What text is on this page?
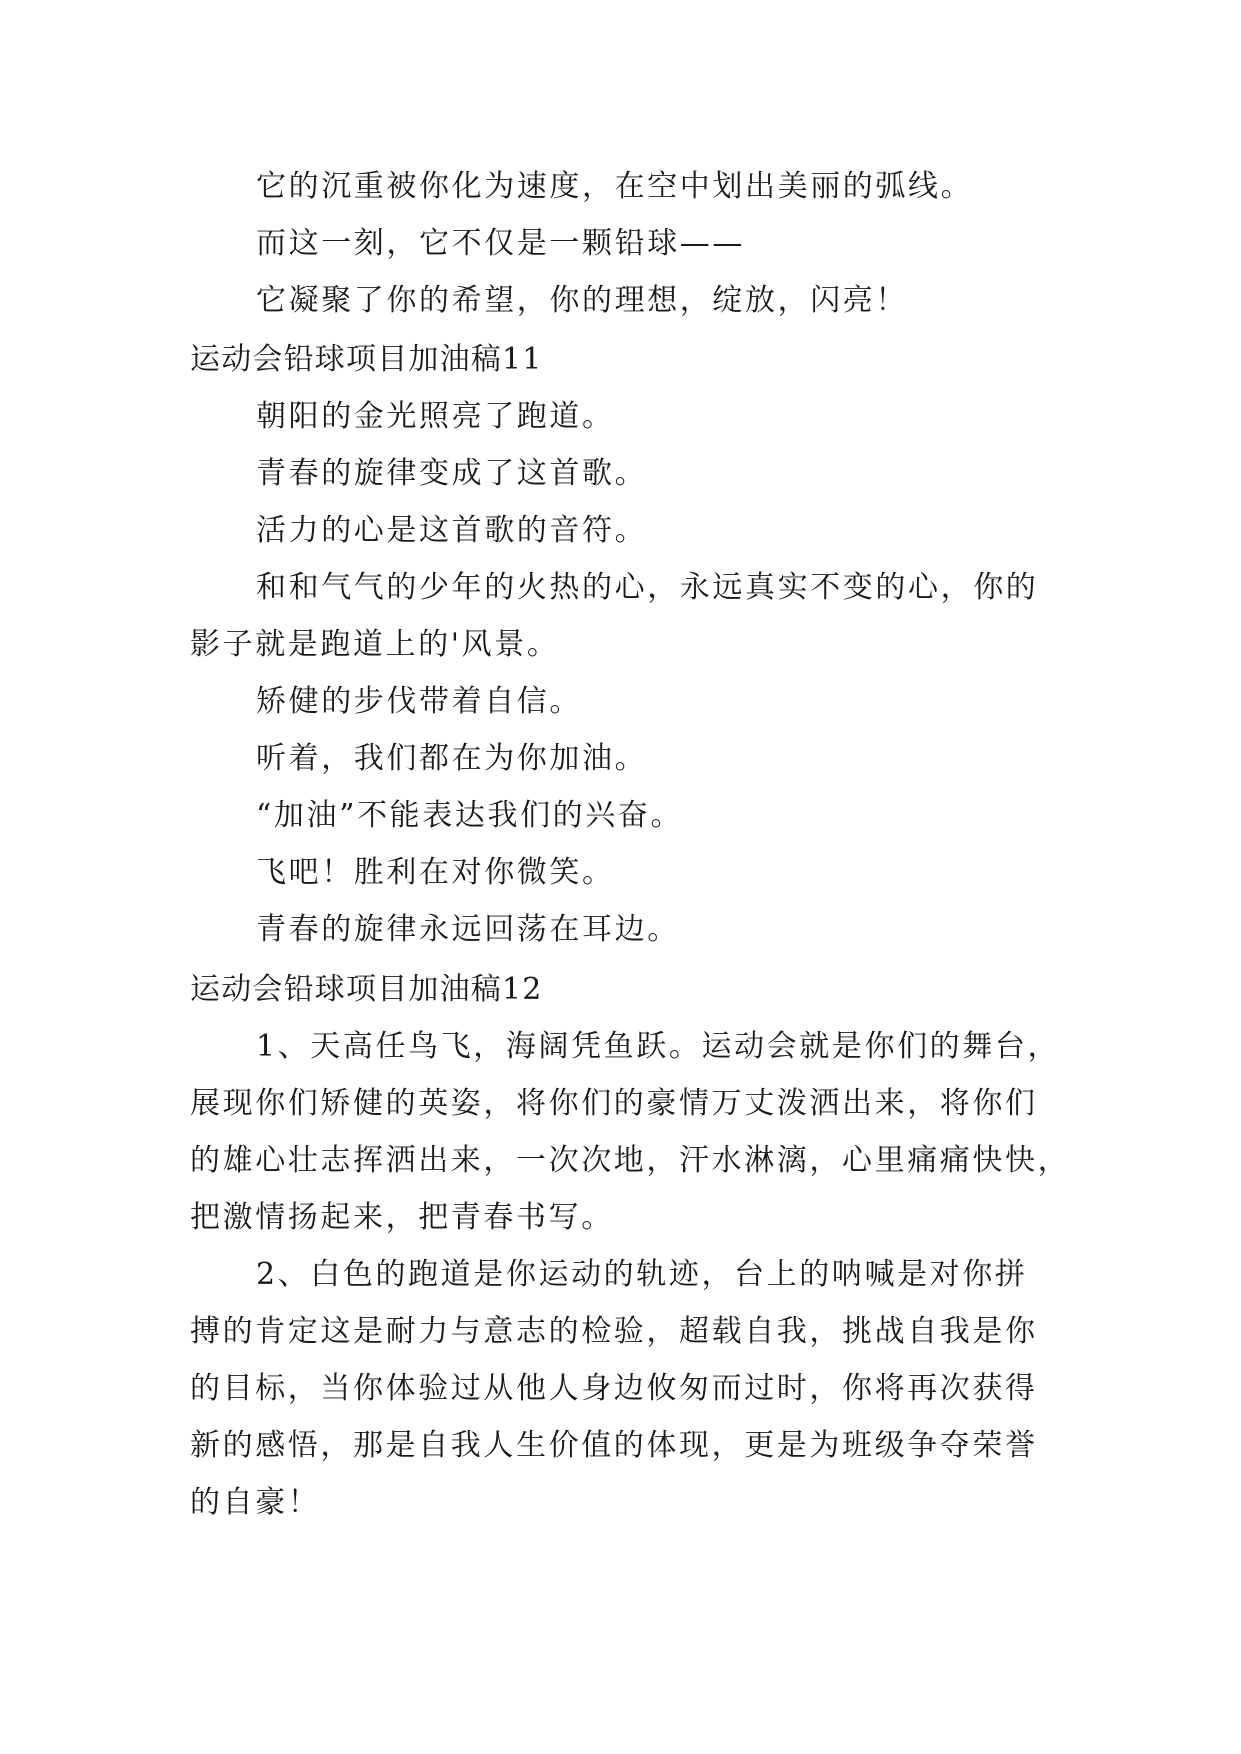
它的沉重被你化为速度，在空中划出美丽的弧线。
而这一刻，它不仅是一颗铅球——
它凝聚了你的希望，你的理想，绽放，闪亮！
运动会铅球项目加油稿11
朝阳的金光照亮了跑道。
青春的旋律变成了这首歌。
活力的心是这首歌的音符。
和和气气的少年的火热的心，永远真实不变的心，你的
影子就是跑道上的'风景。
矫健的步伐带着自信。
听着，我们都在为你加油。
“加油”不能表达我们的兴奋。
飞吧！胜利在对你微笑。
青春的旋律永远回荡在耳边。
运动会铅球项目加油稿12
1、天高任鸟飞，海阔凭鱼跃。运动会就是你们的舞台，
展现你们矫健的英姿，将你们的豪情万丈泼洒出来，将你们
的雄心壮志挥洒出来，一次次地，汗水淋漓，心里痛痛快快，
把激情扬起来，把青春书写。
2、白色的跑道是你运动的轨迹，台上的呐喊是对你拼
搏的肯定这是耐力与意志的检验，超载自我，挑战自我是你
的目标，当你体验过从他人身边攸匆而过时，你将再次获得
新的感悟，那是自我人生价值的体现，更是为班级争夺荣誉
的自豪！
